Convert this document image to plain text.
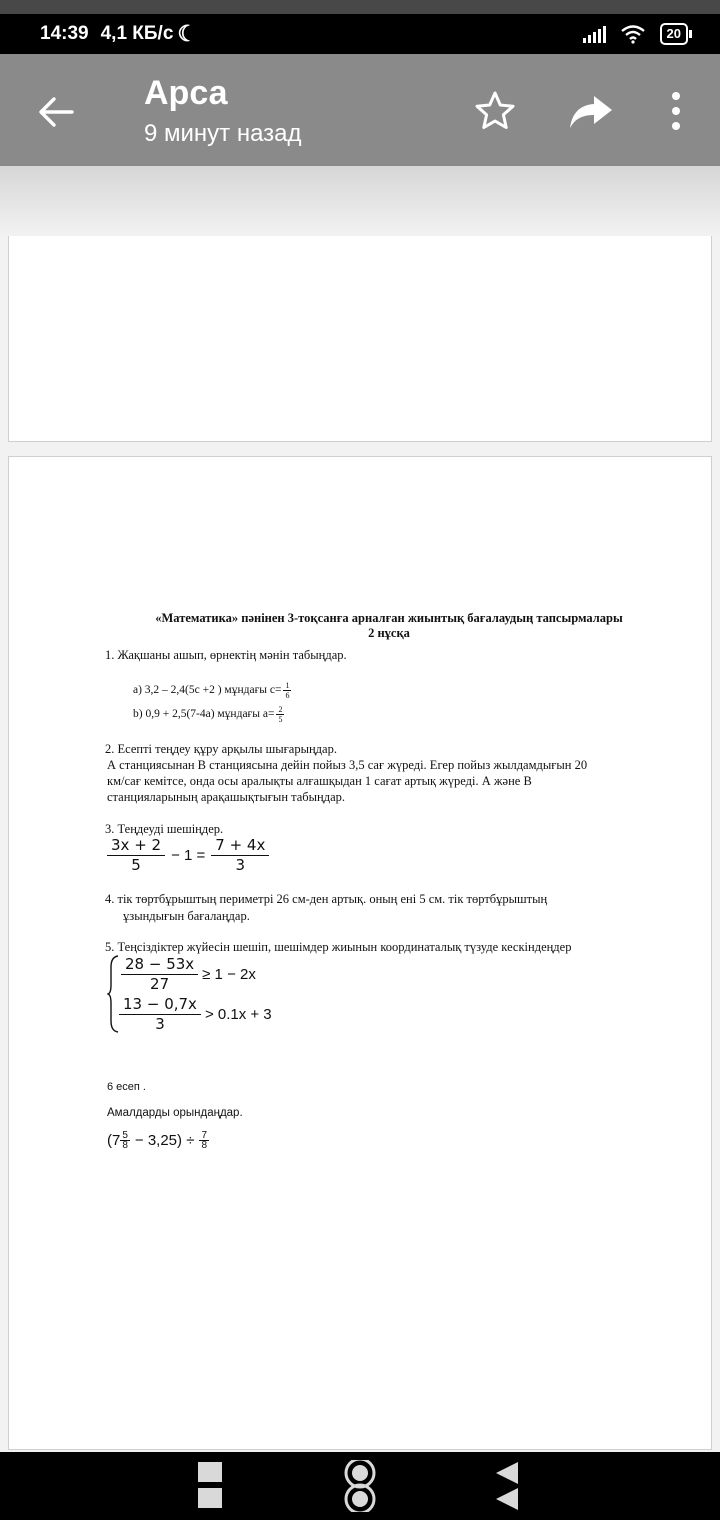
14:39 4,1 КБ/с ☾	20
Арса
9 минут назад
«Математика» пәнінен 3-тоқсанға арналған жиынтық бағалаудың тапсырмалары
2 нұсқа
1. Жақшаны ашып, өрнектің мәнін табыңдар.
a) 3,2 – 2,4(5c +2 ) мұндағы $c= \frac{1}{6}$
b) 0,9 + 2,5(7-4a) мұндағы $a= \frac{2}{5}$
2. Есепті теңдеу құру арқылы шығарыңдар.
А станциясынан В станциясына дейін пойыз 3,5 сағ жүреді. Егер пойыз жылдамдығын 20
км/сағ кемітсе, онда осы аралықты алғашқыдан 1 сағат артық жүреді. А және В
станцияларының арақашықтығын табыңдар.
3. Теңдеуді шешіңдер.
$\frac{3x + 2}{5} - 1 = \frac{7 + 4x}{3}$
4. тік төртбұрыштың периметрі 26 см-ден артық. оның ені 5 см. тік төртбұрыштың
ұзындығын бағалаңдар.
5. Теңсіздіктер жүйесін шешіп, шешімдер жиынын координаталық түзуде кескіндеңдер
$\frac{28 - 53x}{27} \ge 1 - 2x$
$\frac{13 - 0,7x}{3} > 0.1x + 3$
6 есеп .
Амалдарды орындаңдар.
$(7 \frac{5}{8} - 3,25) \div \frac{7}{8}$
